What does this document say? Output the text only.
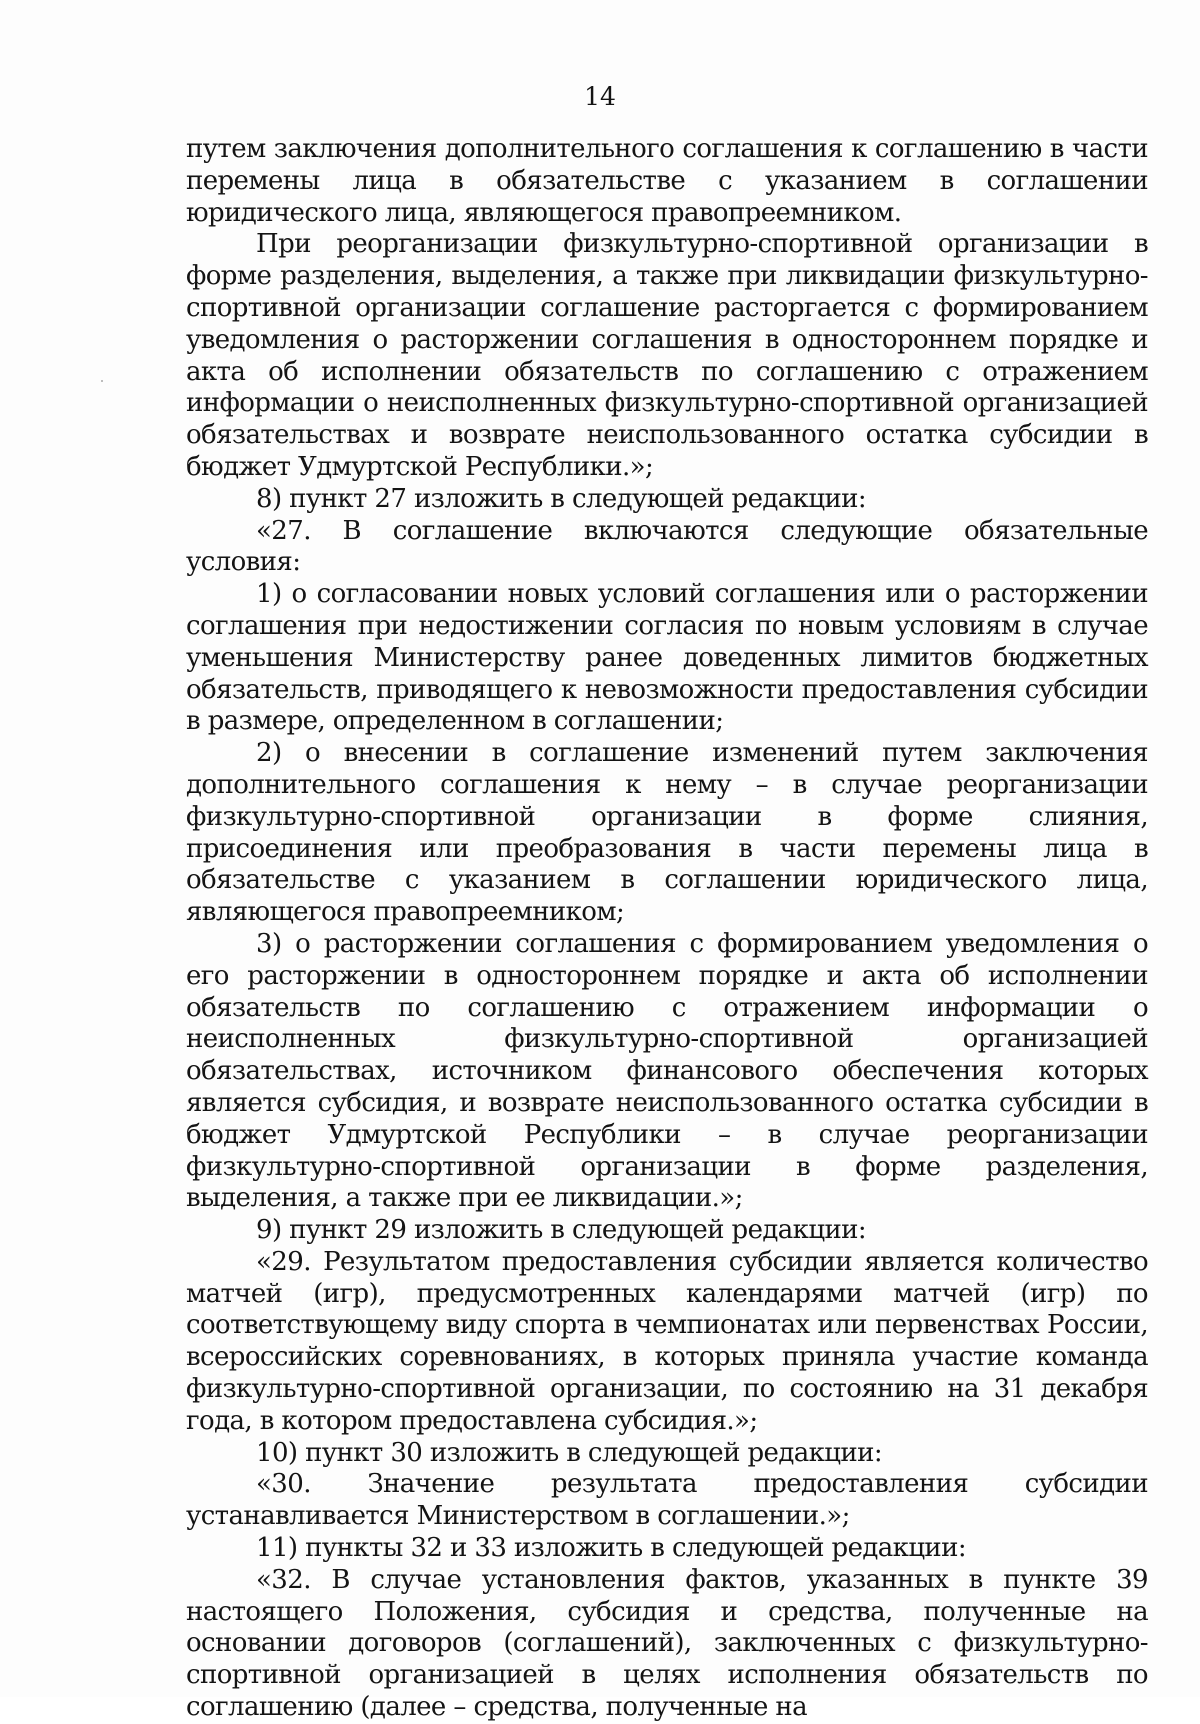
14

путем заключения дополнительного соглашения к соглашению в части перемены лица в обязательстве с указанием в соглашении юридического лица, являющегося правопреемником.

При реорганизации физкультурно-спортивной организации в форме разделения, выделения, а также при ликвидации физкультурно-спортивной организации соглашение расторгается с формированием уведомления о расторжении соглашения в одностороннем порядке и акта об исполнении обязательств по соглашению с отражением информации о неисполненных физкультурно-спортивной организацией обязательствах и возврате неиспользованного остатка субсидии в бюджет Удмуртской Республики.»;

8) пункт 27 изложить в следующей редакции:

«27. В соглашение включаются следующие обязательные условия:

1) о согласовании новых условий соглашения или о расторжении соглашения при недостижении согласия по новым условиям в случае уменьшения Министерству ранее доведенных лимитов бюджетных обязательств, приводящего к невозможности предоставления субсидии в размере, определенном в соглашении;

2) о внесении в соглашение изменений путем заключения дополнительного соглашения к нему – в случае реорганизации физкультурно-спортивной организации в форме слияния, присоединения или преобразования в части перемены лица в обязательстве с указанием в соглашении юридического лица, являющегося правопреемником;

3) о расторжении соглашения с формированием уведомления о его расторжении в одностороннем порядке и акта об исполнении обязательств по соглашению с отражением информации о неисполненных физкультурно-спортивной организацией обязательствах, источником финансового обеспечения которых является субсидия, и возврате неиспользованного остатка субсидии в бюджет Удмуртской Республики – в случае реорганизации физкультурно-спортивной организации в форме разделения, выделения, а также при ее ликвидации.»;

9) пункт 29 изложить в следующей редакции:

«29. Результатом предоставления субсидии является количество матчей (игр), предусмотренных календарями матчей (игр) по соответствующему виду спорта в чемпионатах или первенствах России, всероссийских соревнованиях, в которых приняла участие команда физкультурно-спортивной организации, по состоянию на 31 декабря года, в котором предоставлена субсидия.»;

10) пункт 30 изложить в следующей редакции:

«30. Значение результата предоставления субсидии устанавливается Министерством в соглашении.»;

11) пункты 32 и 33 изложить в следующей редакции:

«32. В случае установления фактов, указанных в пункте 39 настоящего Положения, субсидия и средства, полученные на основании договоров (соглашений), заключенных с физкультурно-спортивной организацией в целях исполнения обязательств по соглашению (далее – средства, полученные на
